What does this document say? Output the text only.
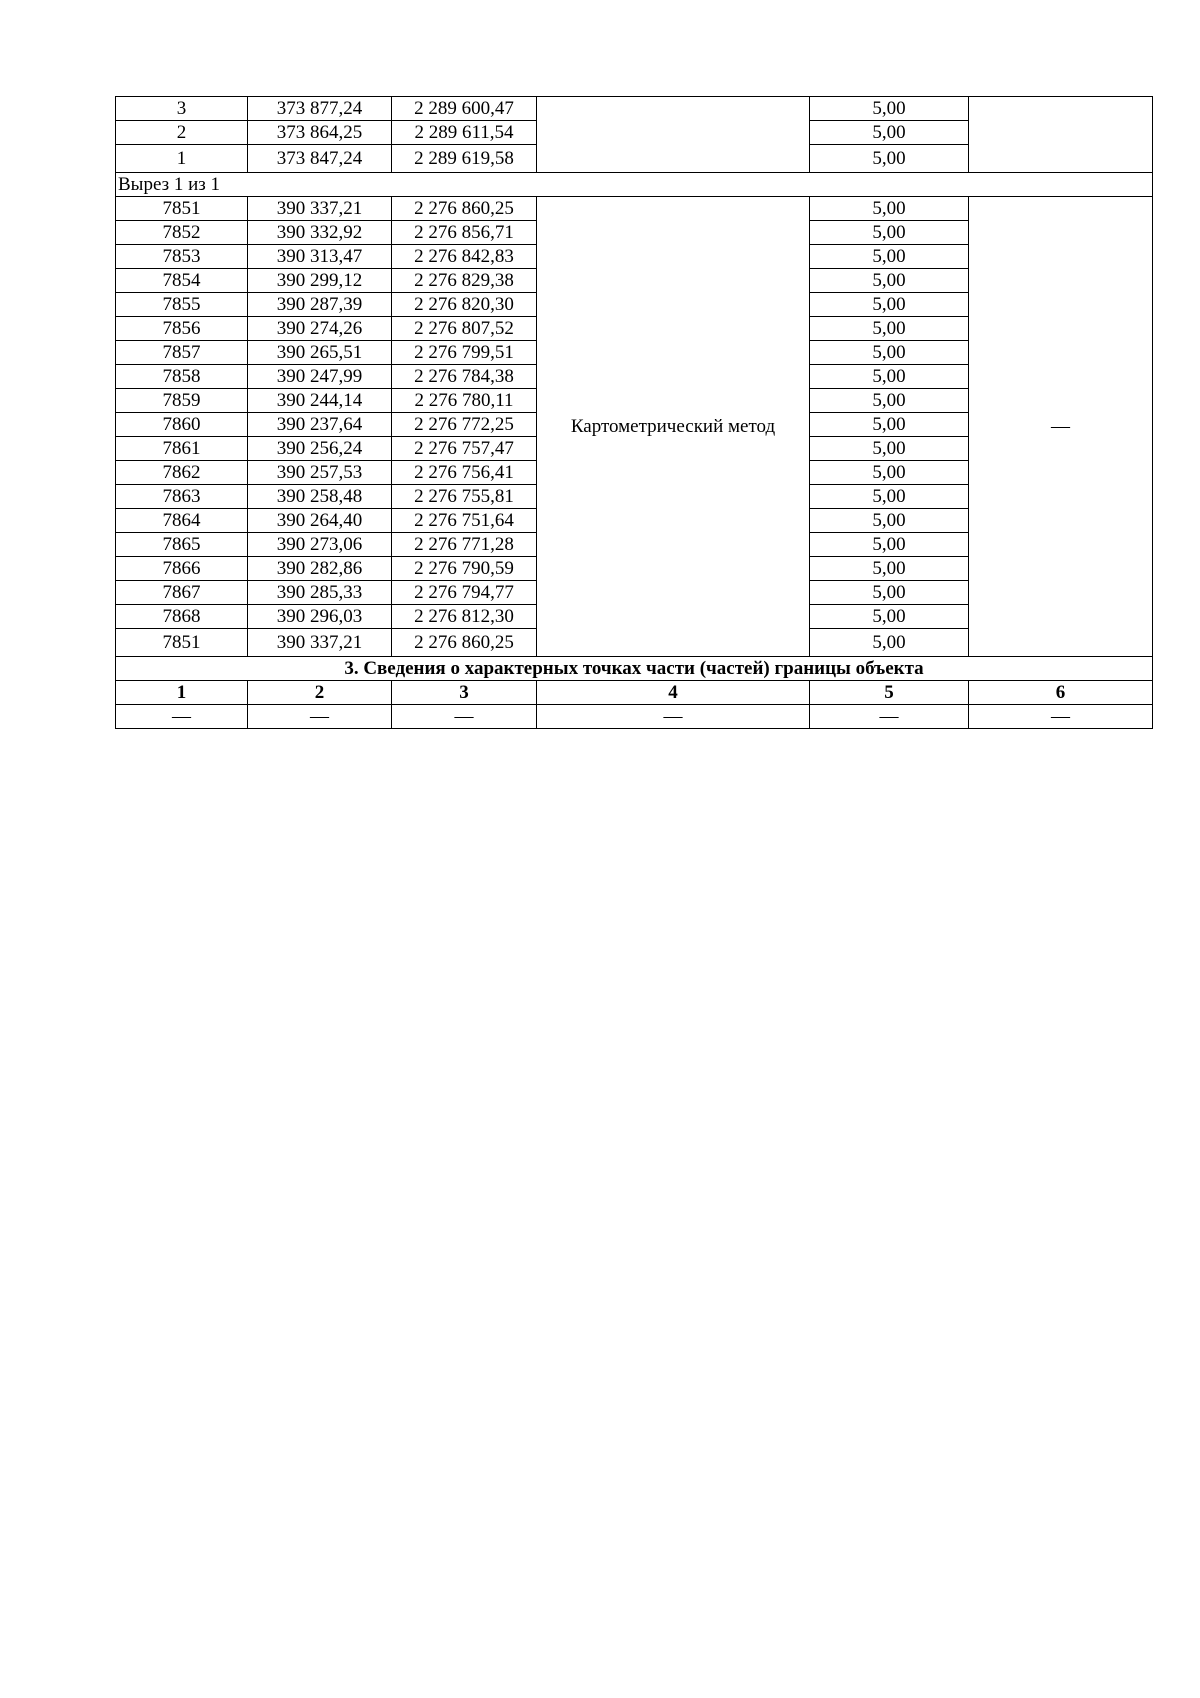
3	373 877,24	2 289 600,47		5,00	
2	373 864,25	2 289 611,54		5,00	
1	373 847,24	2 289 619,58		5,00	
Вырез 1 из 1					
7851	390 337,21	2 276 860,25	Картометрический метод	5,00	—
7852	390 332,92	2 276 856,71		5,00	
7853	390 313,47	2 276 842,83		5,00	
7854	390 299,12	2 276 829,38		5,00	
7855	390 287,39	2 276 820,30		5,00	
7856	390 274,26	2 276 807,52		5,00	
7857	390 265,51	2 276 799,51		5,00	
7858	390 247,99	2 276 784,38		5,00	
7859	390 244,14	2 276 780,11		5,00	
7860	390 237,64	2 276 772,25		5,00	
7861	390 256,24	2 276 757,47		5,00	
7862	390 257,53	2 276 756,41		5,00	
7863	390 258,48	2 276 755,81		5,00	
7864	390 264,40	2 276 751,64		5,00	
7865	390 273,06	2 276 771,28		5,00	
7866	390 282,86	2 276 790,59		5,00	
7867	390 285,33	2 276 794,77		5,00	
7868	390 296,03	2 276 812,30		5,00	
7851	390 337,21	2 276 860,25		5,00	
3. Сведения о характерных точках части (частей) границы объекта					
1	2	3	4	5	6
—	—	—	—	—	—
